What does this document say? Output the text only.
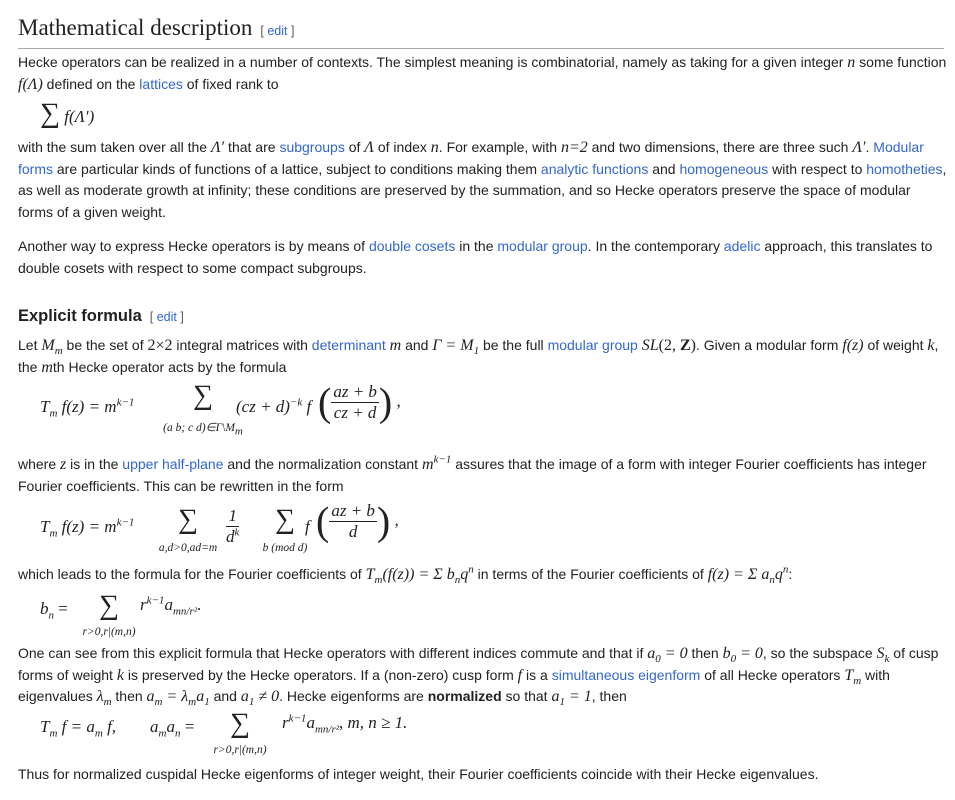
Mathematical description [ edit ]

Hecke operators can be realized in a number of contexts. The simplest meaning is combinatorial, namely as taking for a given integer n some function f(Λ) defined on the lattices of fixed rank to

∑ f(Λ′)

with the sum taken over all the Λ′ that are subgroups of Λ of index n. For example, with n=2 and two dimensions, there are three such Λ′. Modular forms are particular kinds of functions of a lattice, subject to conditions making them analytic functions and homogeneous with respect to homotheties, as well as moderate growth at infinity; these conditions are preserved by the summation, and so Hecke operators preserve the space of modular forms of a given weight.

Another way to express Hecke operators is by means of double cosets in the modular group. In the contemporary adelic approach, this translates to double cosets with respect to some compact subgroups.

Explicit formula [ edit ]

Let $M_m$ be the set of 2×2 integral matrices with determinant m and $\Gamma = M_1$ be the full modular group SL(2, Z). Given a modular form f(z) of weight k, the mth Hecke operator acts by the formula

$T_m$ $f(z) = m^{k-1}$	∑
(a b; c $d)\in\Gamma\backslash M_m$
(cz + d)$^{-k}$ f ( $\frac{az + b}{cz + d}$ ) ,

where z is in the upper half-plane and the normalization constant $m^{k-1}$ assures that the image of a form with integer Fourier coefficients has integer Fourier coefficients. This can be rewritten in the form

$T_m$ $f(z) = m^{k-1}$	∑
a,d>0,ad=m
$\frac{1}{d^k}$	∑
b (mod d)
f ( $\frac{az + b}{d}$ ) ,

which leads to the formula for the Fourier coefficients of $T_m(f(z)) = \Sigma$ $b_nq^n$ in terms of the Fourier coefficients of f(z) = Σ $a_nq^n$:

$b_n$ =	∑
r>0,r|(m,n)
$r^{k-1}a_{mn/r^2}$.

One can see from this explicit formula that Hecke operators with different indices commute and that if $a_0 = 0$ then $b_0 = 0$, so the subspace $S_k$ of cusp forms of weight k is preserved by the Hecke operators. If a (non-zero) cusp form f is a simultaneous eigenform of all Hecke operators $T_m$ with eigenvalues $\lambda_m$ then $a_m = \lambda_ma_1$ and $a_1 \ne 0$. Hecke eigenforms are normalized so that $a_1 = 1$, then

$T_m$ $f = a_m$ f, $a_ma_n$ =	∑
r>0,r|(m,n)
$r^{k-1}a_{mn/r^2}$, m, n ≥ 1.

Thus for normalized cuspidal Hecke eigenforms of integer weight, their Fourier coefficients coincide with their Hecke eigenvalues.
